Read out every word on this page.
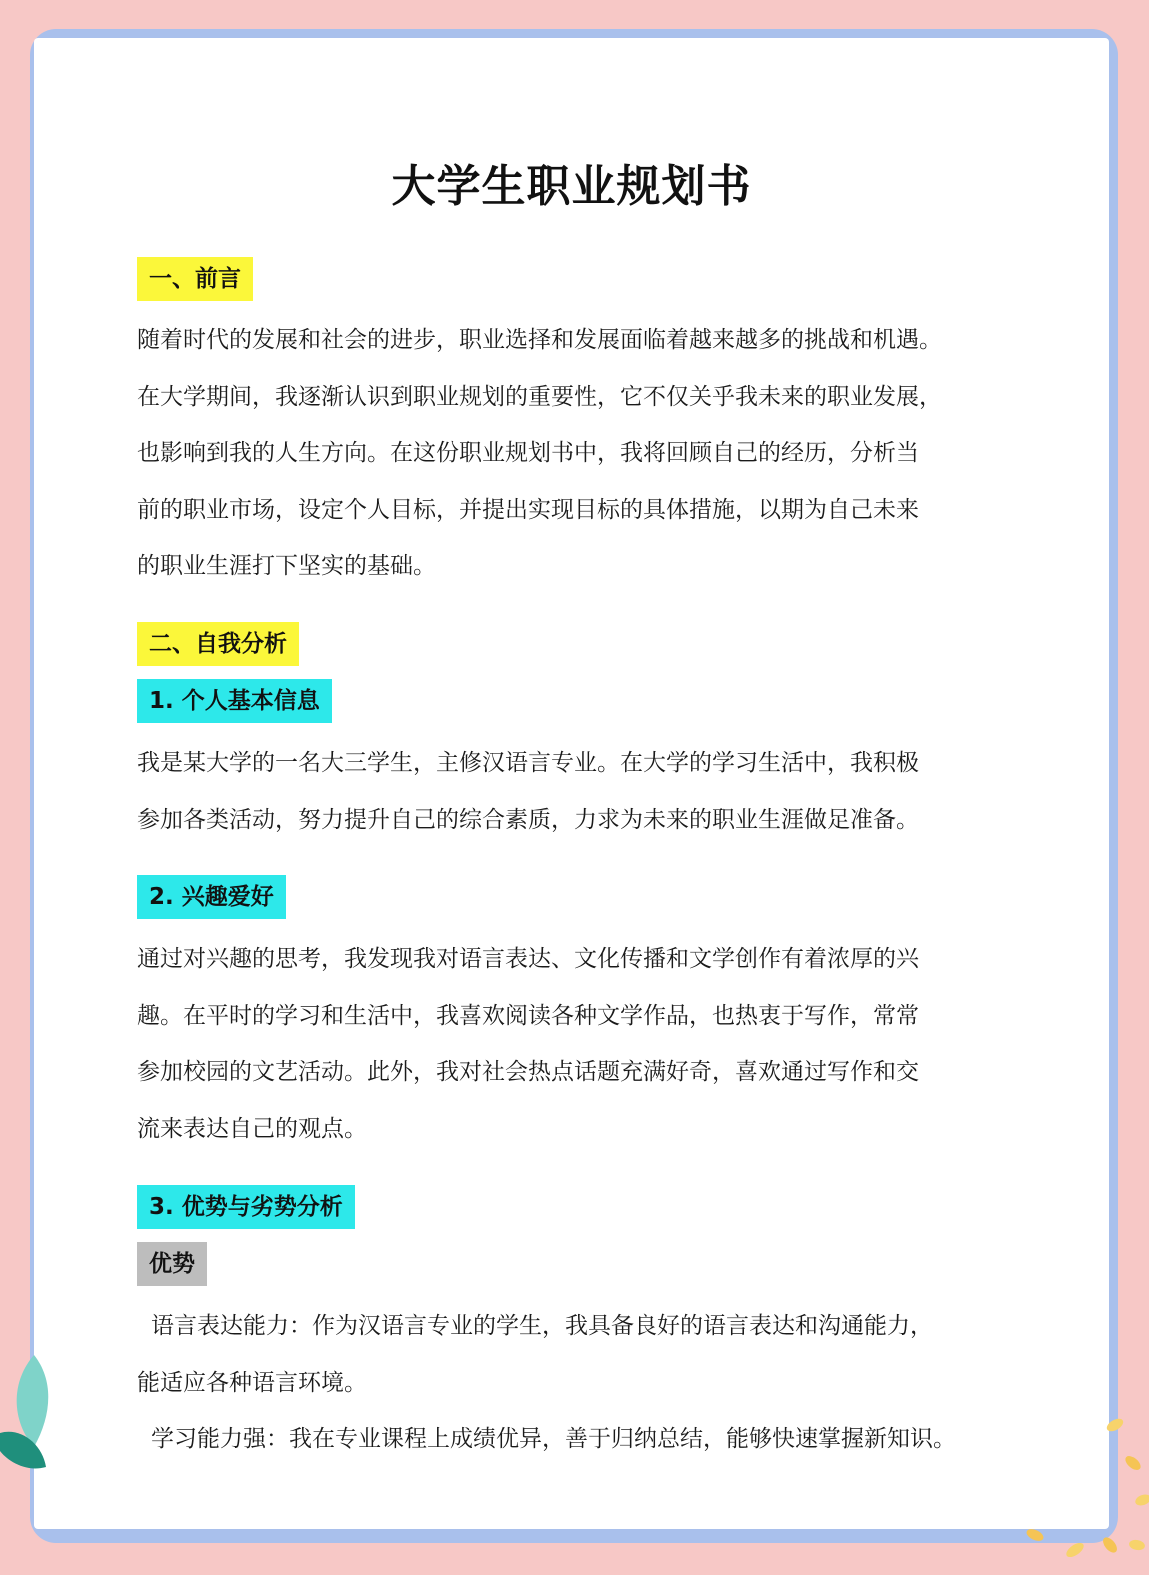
大学生职业规划书
一、前言
随着时代的发展和社会的进步，职业选择和发展面临着越来越多的挑战和机遇。
在大学期间，我逐渐认识到职业规划的重要性，它不仅关乎我未来的职业发展，
也影响到我的人生方向。在这份职业规划书中，我将回顾自己的经历，分析当
前的职业市场，设定个人目标，并提出实现目标的具体措施，以期为自己未来
的职业生涯打下坚实的基础。
二、自我分析
1. 个人基本信息
我是某大学的一名大三学生，主修汉语言专业。在大学的学习生活中，我积极
参加各类活动，努力提升自己的综合素质，力求为未来的职业生涯做足准备。
2. 兴趣爱好
通过对兴趣的思考，我发现我对语言表达、文化传播和文学创作有着浓厚的兴
趣。在平时的学习和生活中，我喜欢阅读各种文学作品，也热衷于写作，常常
参加校园的文艺活动。此外，我对社会热点话题充满好奇，喜欢通过写作和交
流来表达自己的观点。
3. 优势与劣势分析
优势
语言表达能力：作为汉语言专业的学生，我具备良好的语言表达和沟通能力，
能适应各种语言环境。
学习能力强：我在专业课程上成绩优异，善于归纳总结，能够快速掌握新知识。
